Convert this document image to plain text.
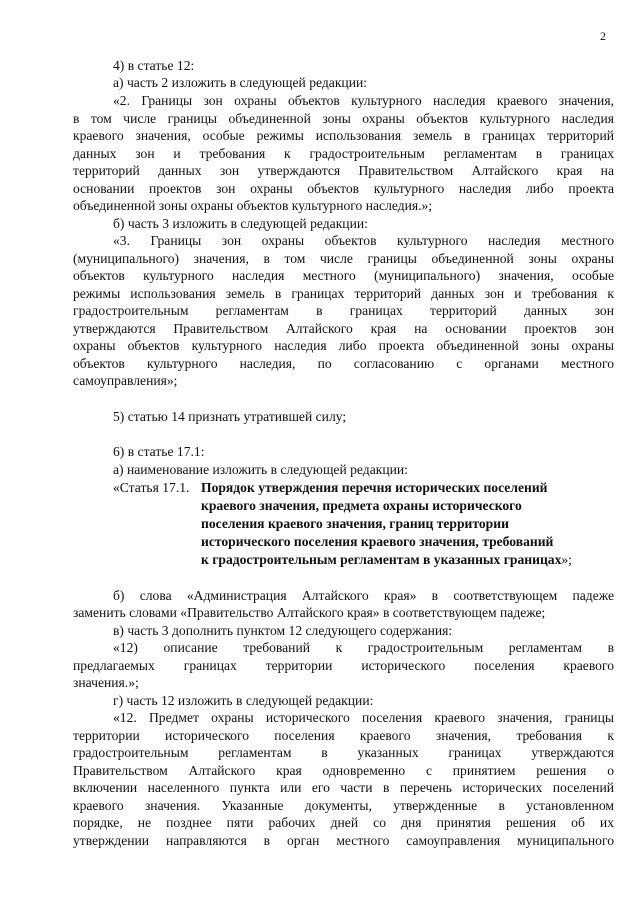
2
4) в статье 12:
а) часть 2 изложить в следующей редакции:
«2. Границы зон охраны объектов культурного наследия краевого значения,
в том числе границы объединенной зоны охраны объектов культурного наследия
краевого значения, особые режимы использования земель в границах территорий
данных зон и требования к градостроительным регламентам в границах
территорий данных зон утверждаются Правительством Алтайского края на
основании проектов зон охраны объектов культурного наследия либо проекта
объединенной зоны охраны объектов культурного наследия.»;
б) часть 3 изложить в следующей редакции:
«3. Границы зон охраны объектов культурного наследия местного
(муниципального) значения, в том числе границы объединенной зоны охраны
объектов культурного наследия местного (муниципального) значения, особые
режимы использования земель в границах территорий данных зон и требования к
градостроительным регламентам в границах территорий данных зон
утверждаются Правительством Алтайского края на основании проектов зон
охраны объектов культурного наследия либо проекта объединенной зоны охраны
объектов культурного наследия, по согласованию с органами местного
самоуправления»;
5) статью 14 признать утратившей силу;
6) в статье 17.1:
а) наименование изложить в следующей редакции:
«Статья 17.1. Порядок утверждения перечня исторических поселений
краевого значения, предмета охраны исторического
поселения краевого значения, границ территории
исторического поселения краевого значения, требований
к градостроительным регламентам в указанных границах»;
б) слова «Администрация Алтайского края» в соответствующем падеже
заменить словами «Правительство Алтайского края» в соответствующем падеже;
в) часть 3 дополнить пунктом 12 следующего содержания:
«12) описание требований к градостроительным регламентам в
предлагаемых границах территории исторического поселения краевого
значения.»;
г) часть 12 изложить в следующей редакции:
«12. Предмет охраны исторического поселения краевого значения, границы
территории исторического поселения краевого значения, требования к
градостроительным регламентам в указанных границах утверждаются
Правительством Алтайского края одновременно с принятием решения о
включении населенного пункта или его части в перечень исторических поселений
краевого значения. Указанные документы, утвержденные в установленном
порядке, не позднее пяти рабочих дней со дня принятия решения об их
утверждении направляются в орган местного самоуправления муниципального
